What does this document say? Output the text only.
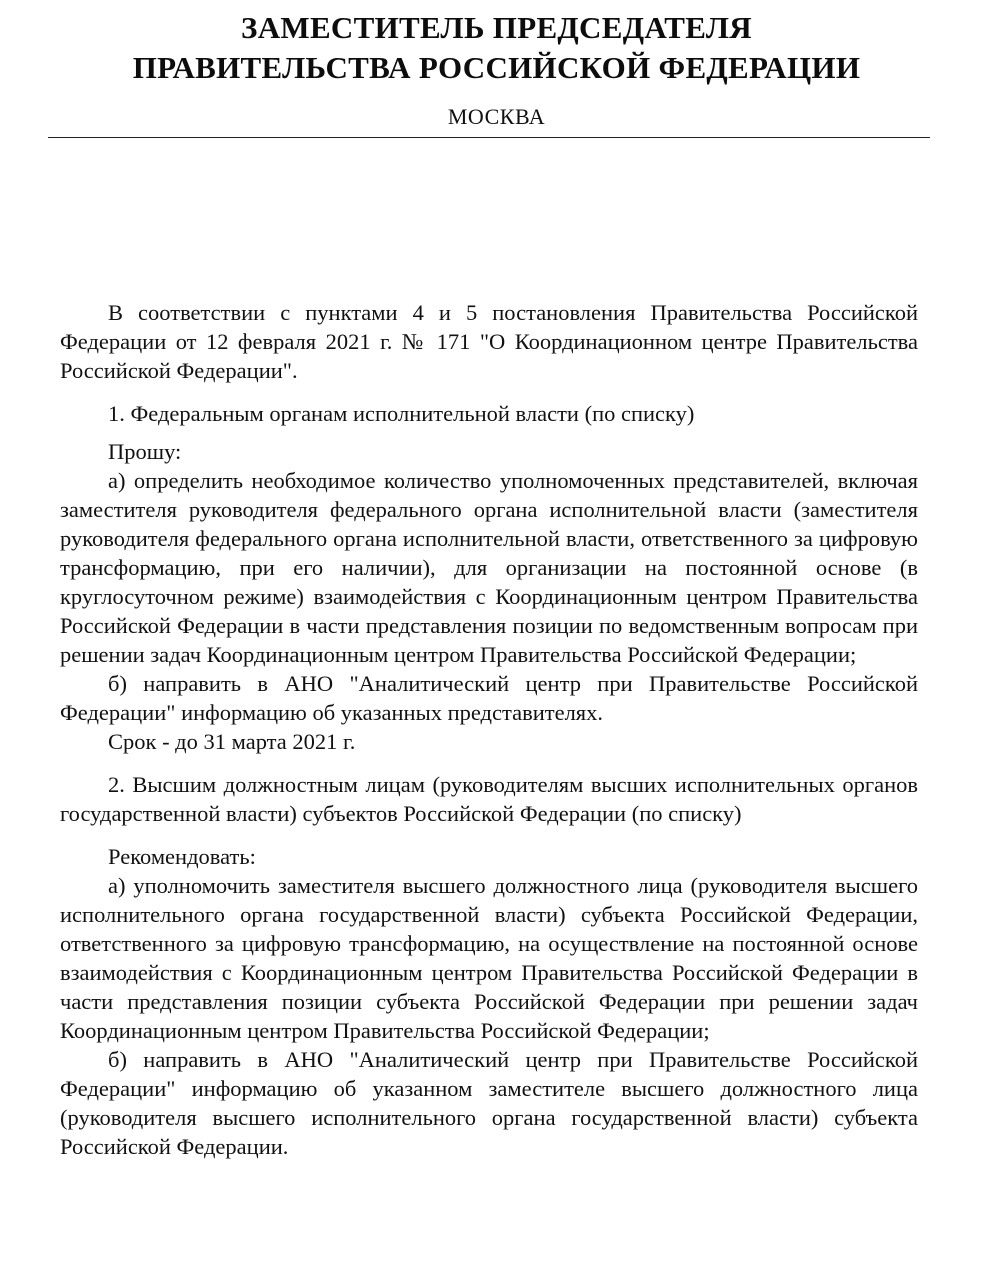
ЗАМЕСТИТЕЛЬ ПРЕДСЕДАТЕЛЯ
ПРАВИТЕЛЬСТВА РОССИЙСКОЙ ФЕДЕРАЦИИ
МОСКВА

В соответствии с пунктами 4 и 5 постановления Правительства Российской Федерации от 12 февраля 2021 г. № 171 "О Координационном центре Правительства Российской Федерации".

1. Федеральным органам исполнительной власти (по списку)

Прошу:

а) определить необходимое количество уполномоченных представителей, включая заместителя руководителя федерального органа исполнительной власти (заместителя руководителя федерального органа исполнительной власти, ответственного за цифровую трансформацию, при его наличии), для организации на постоянной основе (в круглосуточном режиме) взаимодействия с Координационным центром Правительства Российской Федерации в части представления позиции по ведомственным вопросам при решении задач Координационным центром Правительства Российской Федерации;

б) направить в АНО "Аналитический центр при Правительстве Российской Федерации" информацию об указанных представителях.

Срок - до 31 марта 2021 г.

2. Высшим должностным лицам (руководителям высших исполнительных органов государственной власти) субъектов Российской Федерации (по списку)

Рекомендовать:

а) уполномочить заместителя высшего должностного лица (руководителя высшего исполнительного органа государственной власти) субъекта Российской Федерации, ответственного за цифровую трансформацию, на осуществление на постоянной основе взаимодействия с Координационным центром Правительства Российской Федерации в части представления позиции субъекта Российской Федерации при решении задач Координационным центром Правительства Российской Федерации;

б) направить в АНО "Аналитический центр при Правительстве Российской Федерации" информацию об указанном заместителе высшего должностного лица (руководителя высшего исполнительного органа государственной власти) субъекта Российской Федерации.
